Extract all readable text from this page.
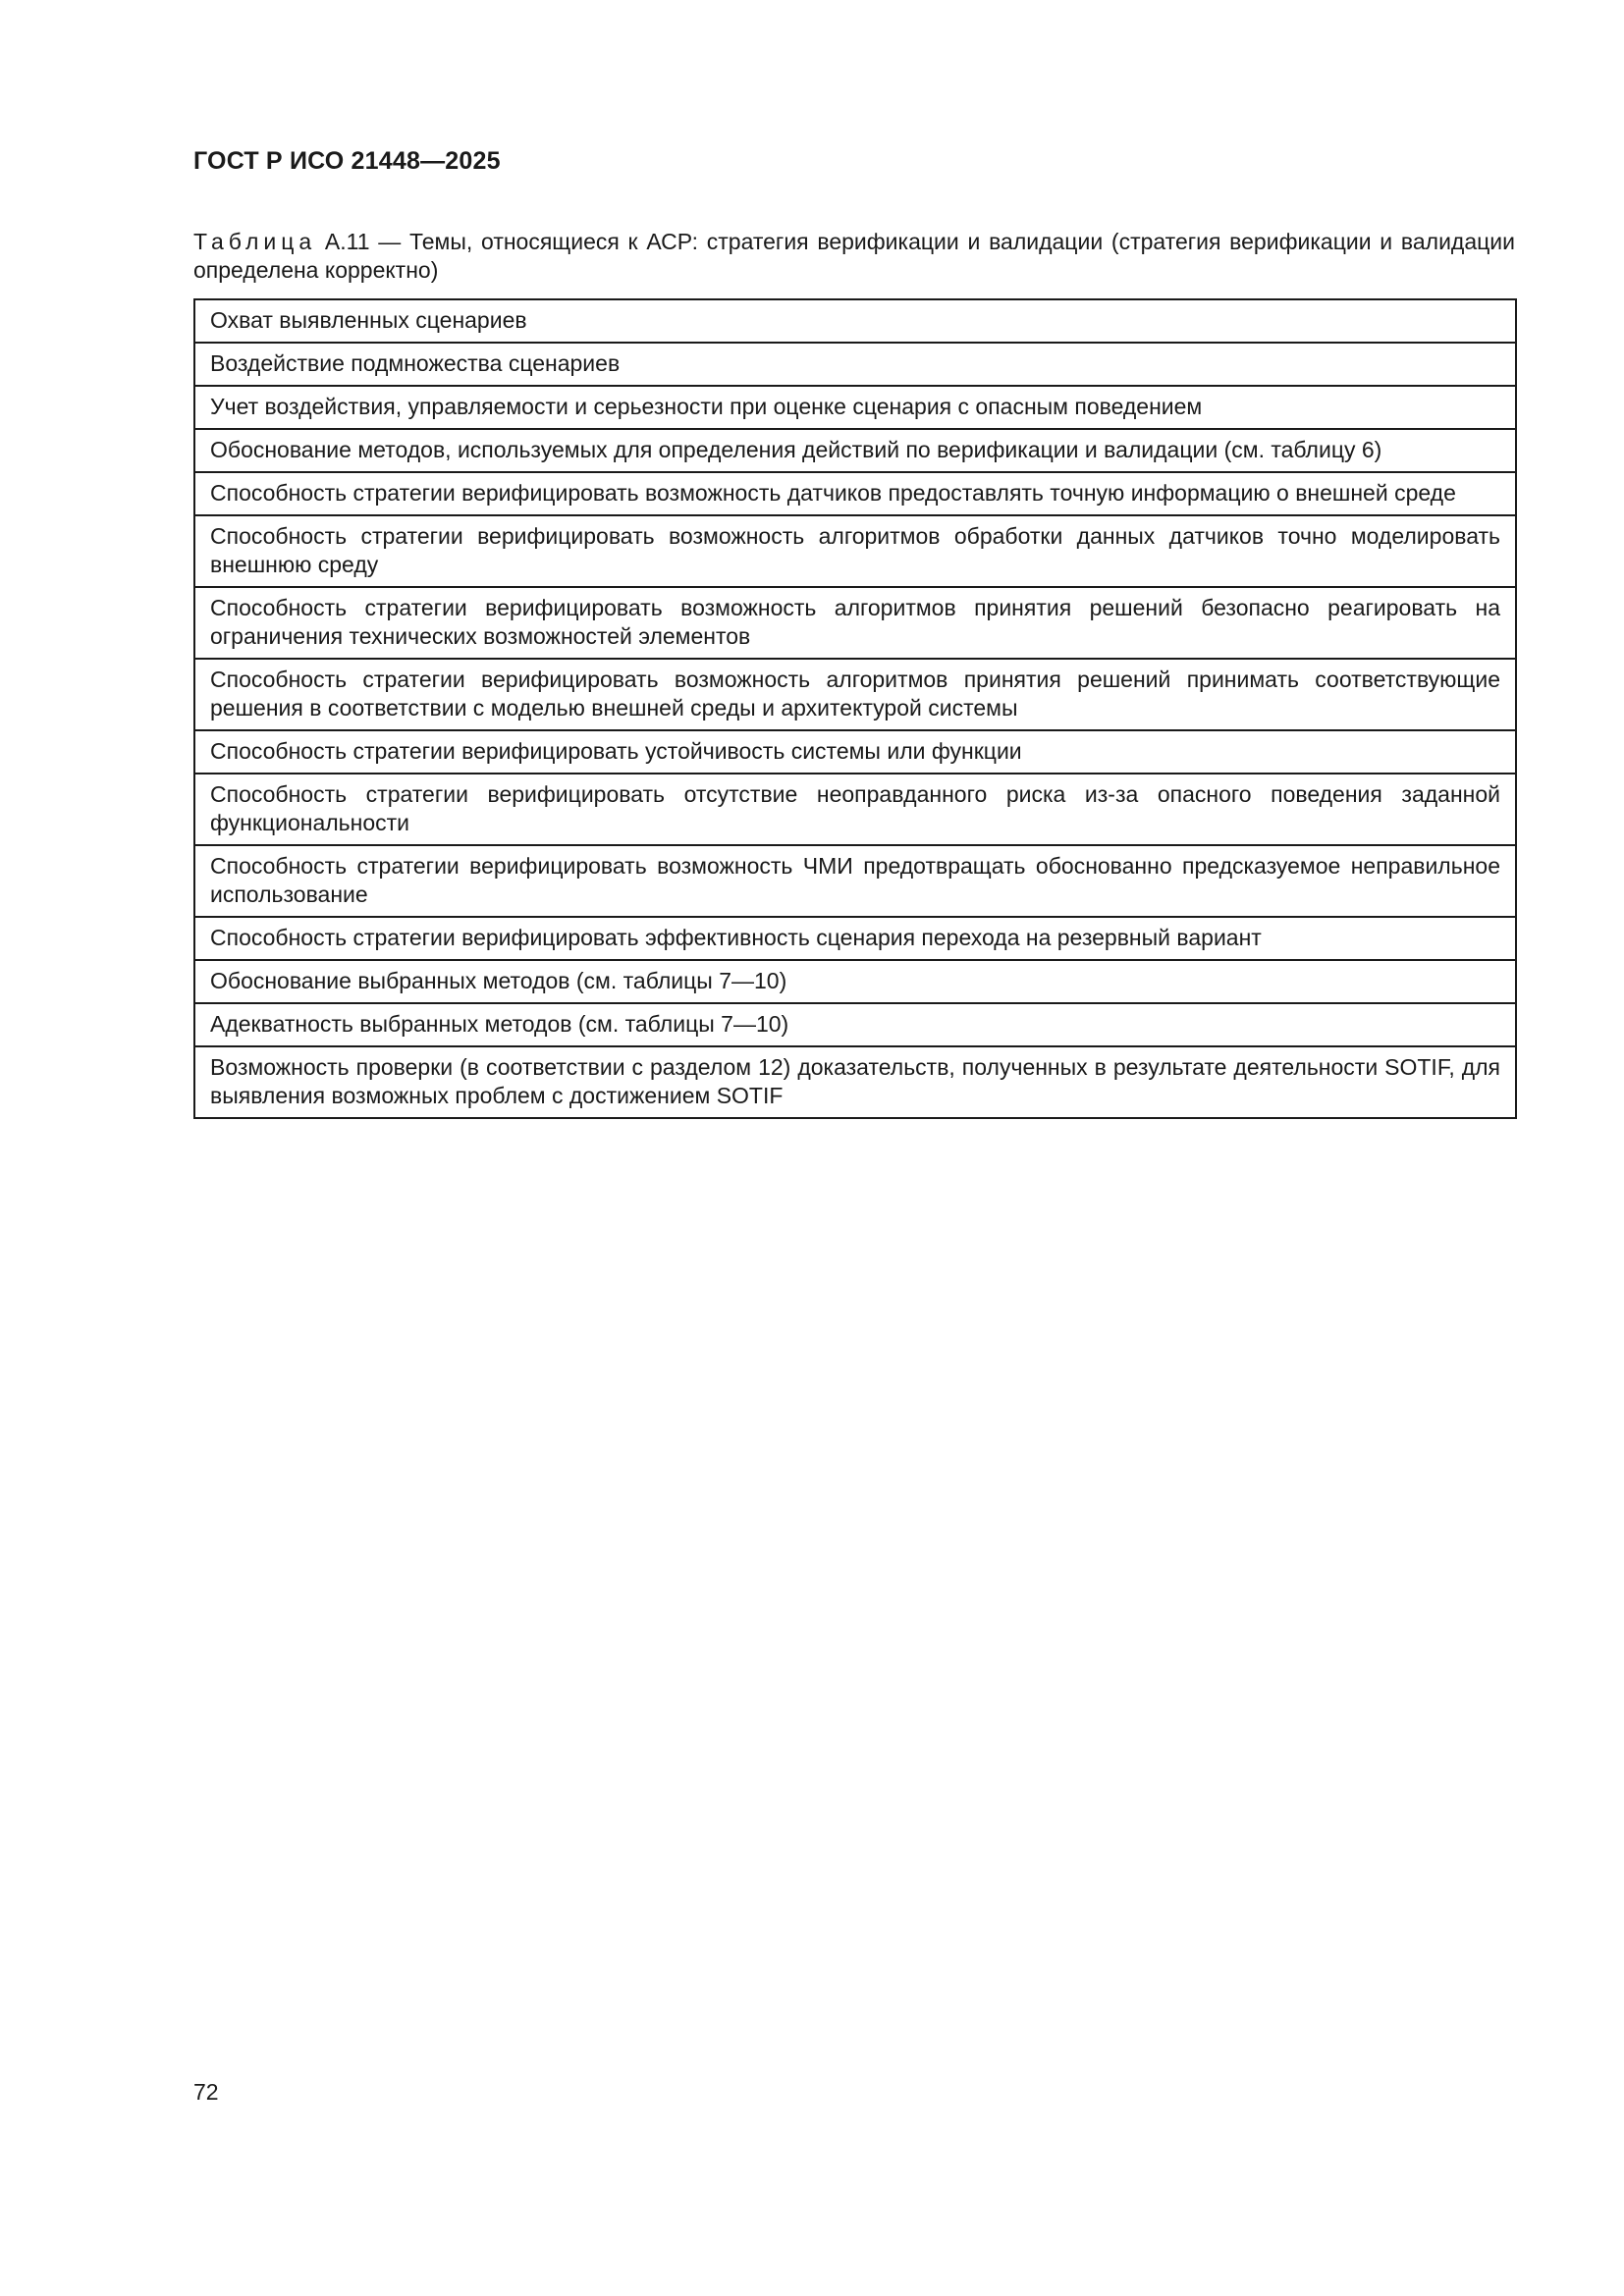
ГОСТ Р ИСО 21448—2025

Таблица А.11 — Темы, относящиеся к АСР: стратегия верификации и валидации (стратегия верификации и валидации определена корректно)

Охват выявленных сценариев
Воздействие подмножества сценариев
Учет воздействия, управляемости и серьезности при оценке сценария с опасным поведением
Обоснование методов, используемых для определения действий по верификации и валидации (см. таблицу 6)
Способность стратегии верифицировать возможность датчиков предоставлять точную информацию о внешней среде
Способность стратегии верифицировать возможность алгоритмов обработки данных датчиков точно моделировать внешнюю среду
Способность стратегии верифицировать возможность алгоритмов принятия решений безопасно реагировать на ограничения технических возможностей элементов
Способность стратегии верифицировать возможность алгоритмов принятия решений принимать соответствующие решения в соответствии с моделью внешней среды и архитектурой системы
Способность стратегии верифицировать устойчивость системы или функции
Способность стратегии верифицировать отсутствие неоправданного риска из-за опасного поведения заданной функциональности
Способность стратегии верифицировать возможность ЧМИ предотвращать обоснованно предсказуемое неправильное использование
Способность стратегии верифицировать эффективность сценария перехода на резервный вариант
Обоснование выбранных методов (см. таблицы 7—10)
Адекватность выбранных методов (см. таблицы 7—10)
Возможность проверки (в соответствии с разделом 12) доказательств, полученных в результате деятельности SOTIF, для выявления возможных проблем с достижением SOTIF

72
